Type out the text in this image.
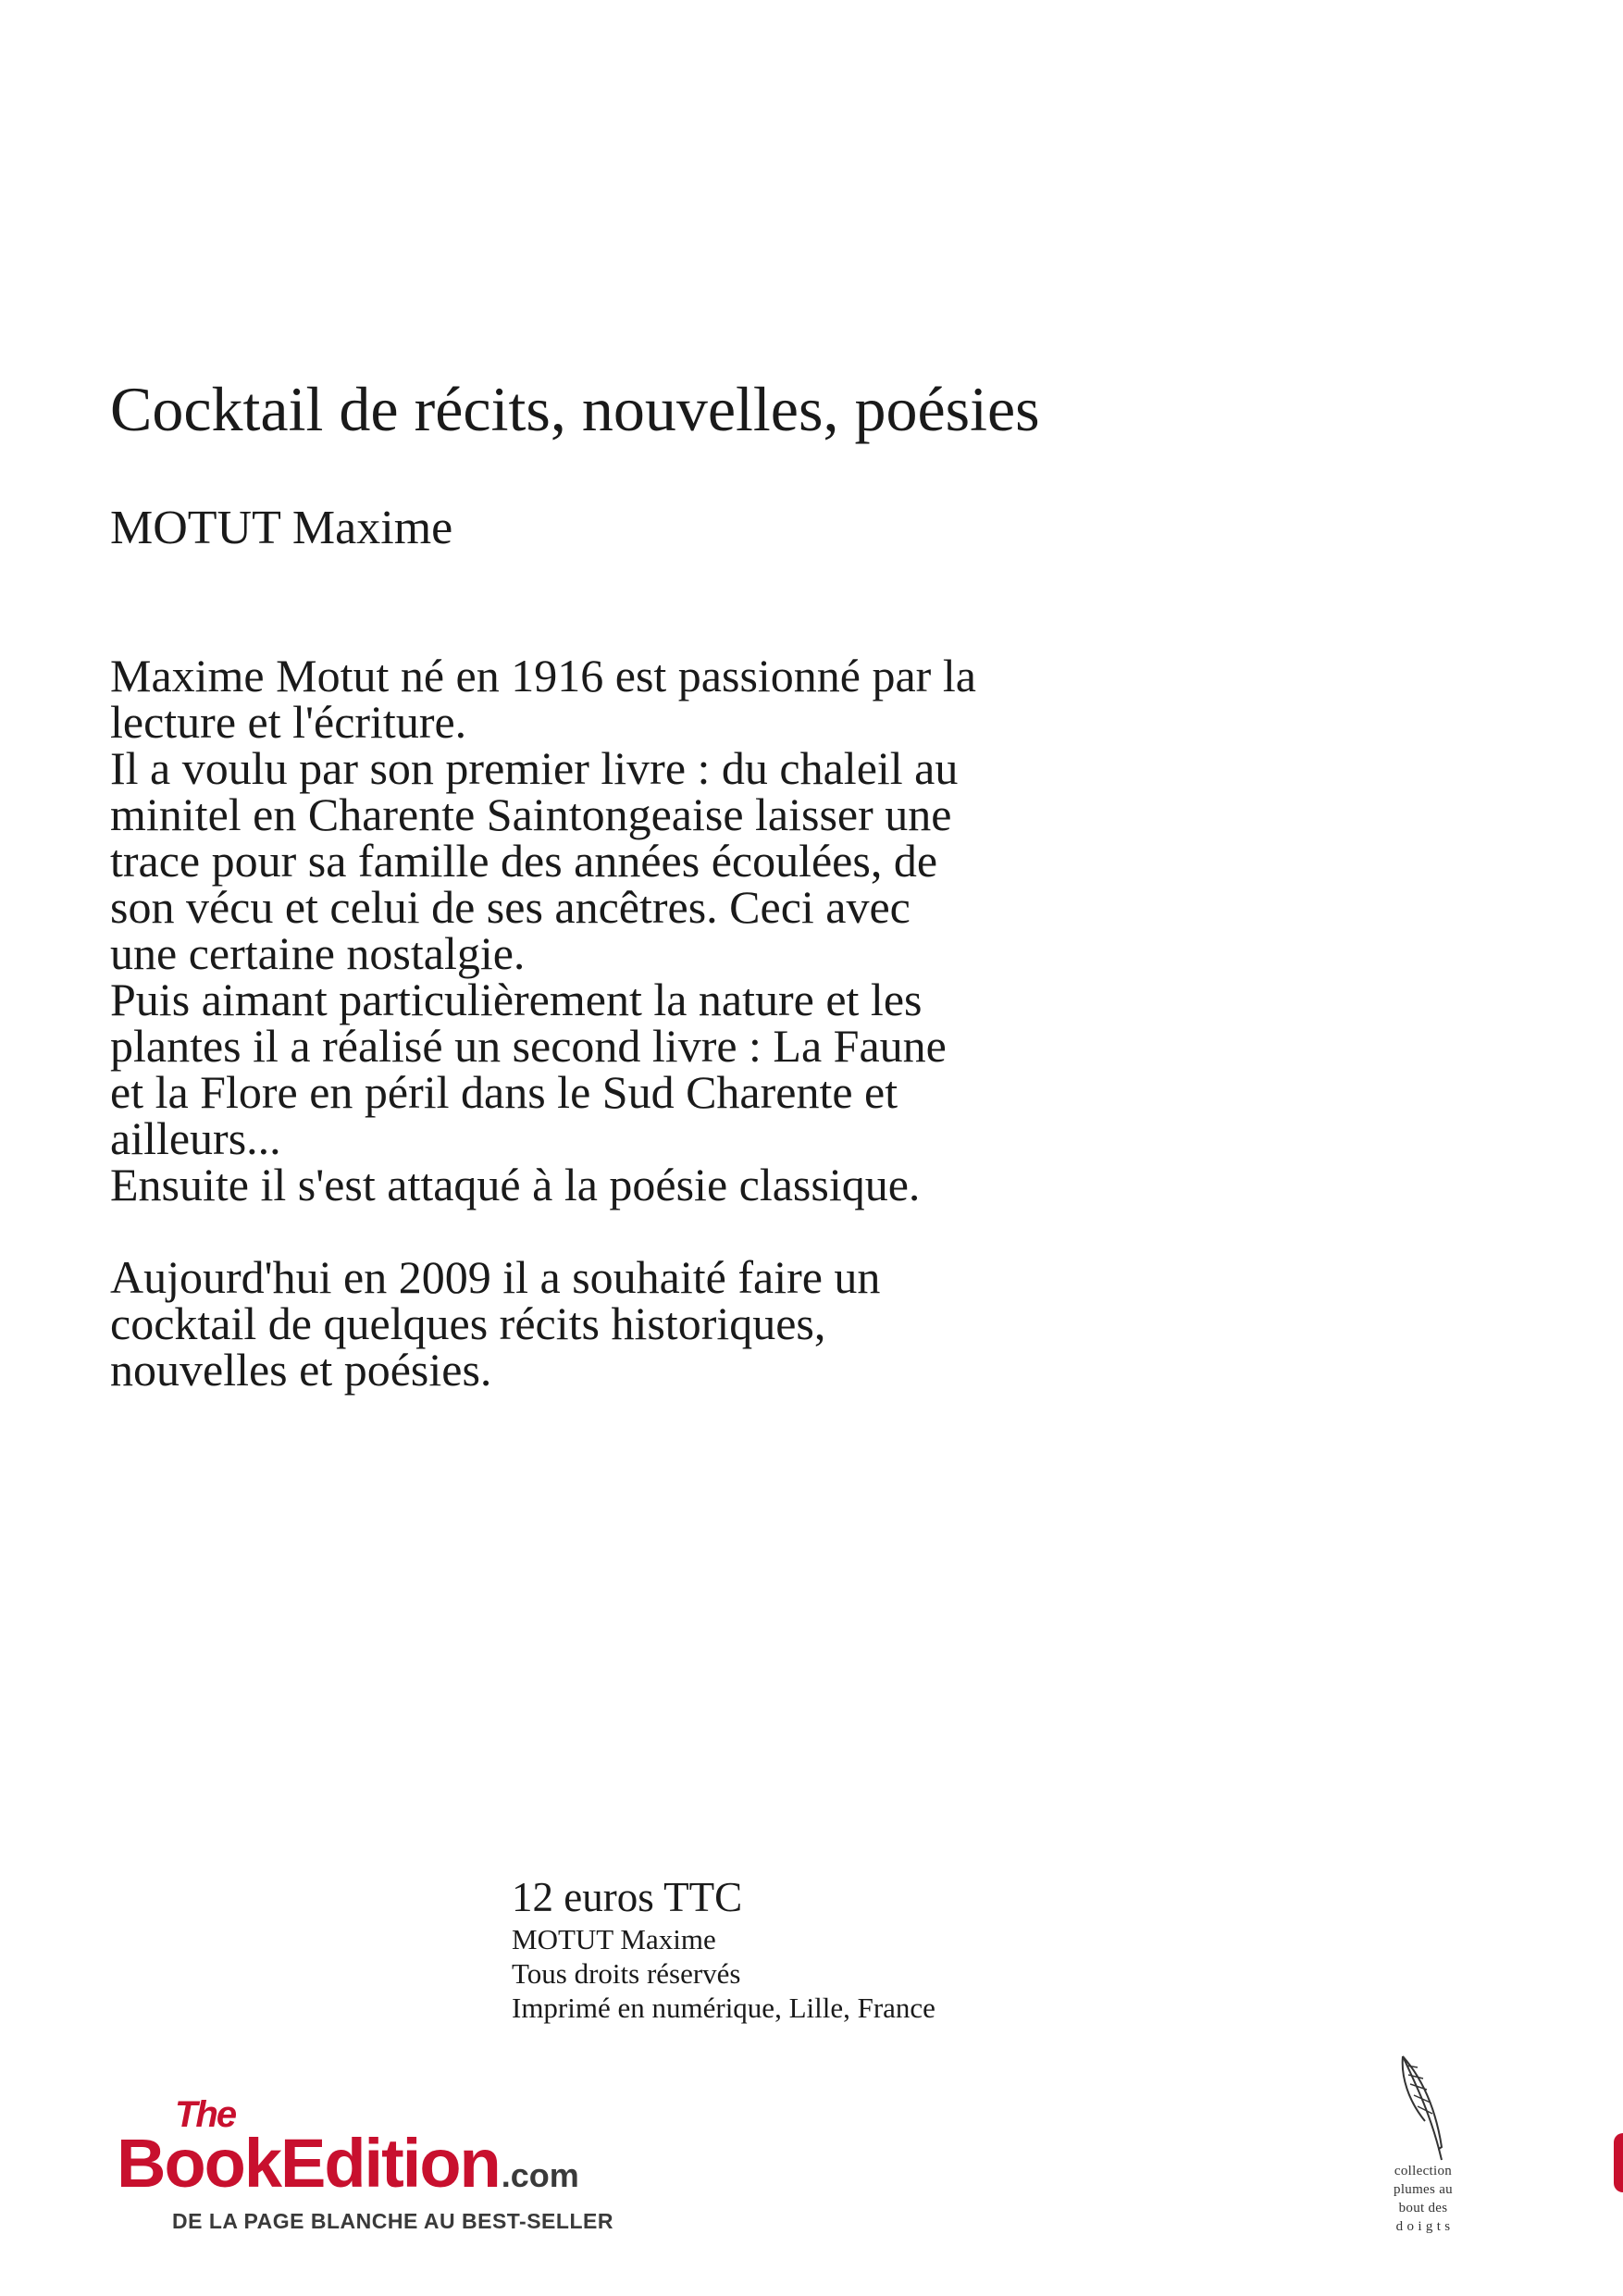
Cocktail de récits, nouvelles, poésies
MOTUT Maxime

Maxime Motut né en 1916 est passionné par la
lecture et l'écriture.
Il a voulu par son premier livre : du chaleil au
minitel en Charente Saintongeaise laisser une
trace pour sa famille des années écoulées, de
son vécu et celui de ses ancêtres. Ceci avec
une certaine nostalgie.
Puis aimant particulièrement la nature et les
plantes il a réalisé un second livre : La Faune
et la Flore en péril dans le Sud Charente et
ailleurs...
Ensuite il s'est attaqué à la poésie classique.

Aujourd'hui en 2009 il a souhaité faire un
cocktail de quelques récits historiques,
nouvelles et poésies.

12 euros TTC
MOTUT Maxime
Tous droits réservés
Imprimé en numérique, Lille, France
The
BookEdition.com
DE LA PAGE BLANCHE AU BEST-SELLER
collection
plumes au
bout des
d o i g t s
